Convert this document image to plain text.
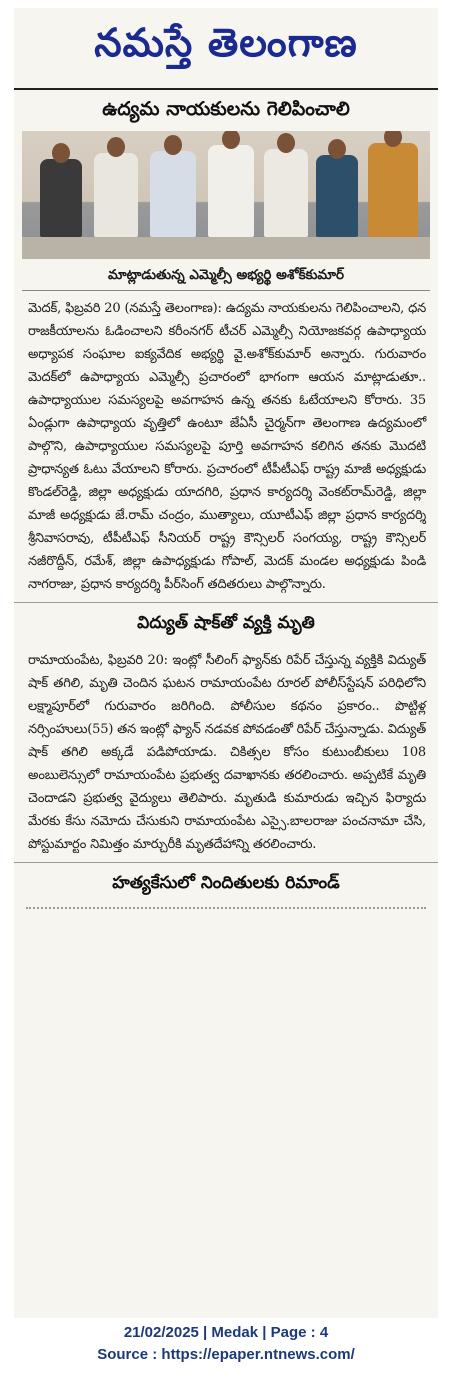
నమస్తే తెలంగాణ
ఉద్యమ నాయకులను గెలిపించాలి
మాట్లాడుతున్న ఎమ్మెల్సీ అభ్యర్థి అశోక్‌కుమార్

మెదక్, ఫిబ్రవరి 20 (నమస్తే తెలంగాణ): ఉద్యమ నాయకులను గెలిపించాలని, ధన రాజకీయాలను ఓడించాలని కరీంనగర్ టీచర్ ఎమ్మెల్సీ నియోజకవర్గ ఉపాధ్యాయ అధ్యాపక సంఘాల ఐక్యవేదిక అభ్యర్థి వై.అశోక్‌కుమార్ అన్నారు. గురువారం మెదక్‌లో ఉపాధ్యాయ ఎమ్మెల్సీ ప్రచారంలో భాగంగా ఆయన మాట్లాడుతూ.. ఉపాధ్యాయుల సమస్యలపై అవగాహన ఉన్న తనకు ఓటేయాలని కోరారు. 35 ఏండ్లుగా ఉపాధ్యాయ వృత్తిలో ఉంటూ జేఏసీ చైర్మన్‌గా తెలంగాణ ఉద్యమంలో పాల్గొని, ఉపాధ్యాయుల సమస్యలపై పూర్తి అవగాహన కలిగిన తనకు మొదటి ప్రాధాన్యత ఓటు వేయాలని కోరారు. ప్రచారంలో టీపీటీఎఫ్ రాష్ట్ర మాజీ అధ్యక్షుడు కొండల్‌రెడ్డి, జిల్లా అధ్యక్షుడు యాదగిరి, ప్రధాన కార్యదర్శి వెంకట్‌రామ్‌రెడ్డి, జిల్లా మాజీ అధ్యక్షుడు జే.రామ్ చంద్రం, ముత్యాలు, యూటీఎఫ్ జిల్లా ప్రధాన కార్యదర్శి శ్రీనివాసరావు, టీపీటీఎఫ్ సీనియర్ రాష్ట్ర కౌన్సిలర్ సంగయ్య, రాష్ట్ర కౌన్సిలర్ నజీరొద్దీన్, రమేశ్, జిల్లా ఉపాధ్యక్షుడు గోపాల్, మెదక్ మండల అధ్యక్షుడు పిండి నాగరాజు, ప్రధాన కార్యదర్శి పీర్‌సింగ్ తదితరులు పాల్గొన్నారు.

విద్యుత్ షాక్‌తో వ్యక్తి మృతి

రామాయంపేట, ఫిబ్రవరి 20: ఇంట్లో సీలింగ్ ఫ్యాన్‌కు రిపేర్ చేస్తున్న వ్యక్తికి విద్యుత్ షాక్ తగిలి, మృతి చెందిన ఘటన రామాయంపేట రూరల్ పోలీస్‌స్టేషన్ పరిధిలోని లక్ష్మాపూర్‌లో గురువారం జరిగింది. పోలీసుల కథనం ప్రకారం.. పొట్టిళ్ల నర్సింహులు(55) తన ఇంట్లో ఫ్యాన్ నడవక పోవడంతో రిపేర్ చేస్తున్నాడు. విద్యుత్ షాక్ తగిలి అక్కడే పడిపోయాడు. చికిత్సల కోసం కుటుంబీకులు 108 అంబులెన్సులో రామాయంపేట ప్రభుత్వ దవాఖానకు తరలించారు. అప్పటికే మృతి చెందాడని ప్రభుత్వ వైద్యులు తెలిపారు. మృతుడి కుమారుడు ఇచ్చిన ఫిర్యాదు మేరకు కేసు నమోదు చేసుకుని రామాయంపేట ఎస్సై.బాలరాజు పంచనామా చేసి, పోస్టుమార్టం నిమిత్తం మార్చురీకి మృతదేహాన్ని తరలించారు.

హత్యకేసులో నిందితులకు రిమాండ్
21/02/2025 | Medak | Page : 4
Source : https://epaper.ntnews.com/
